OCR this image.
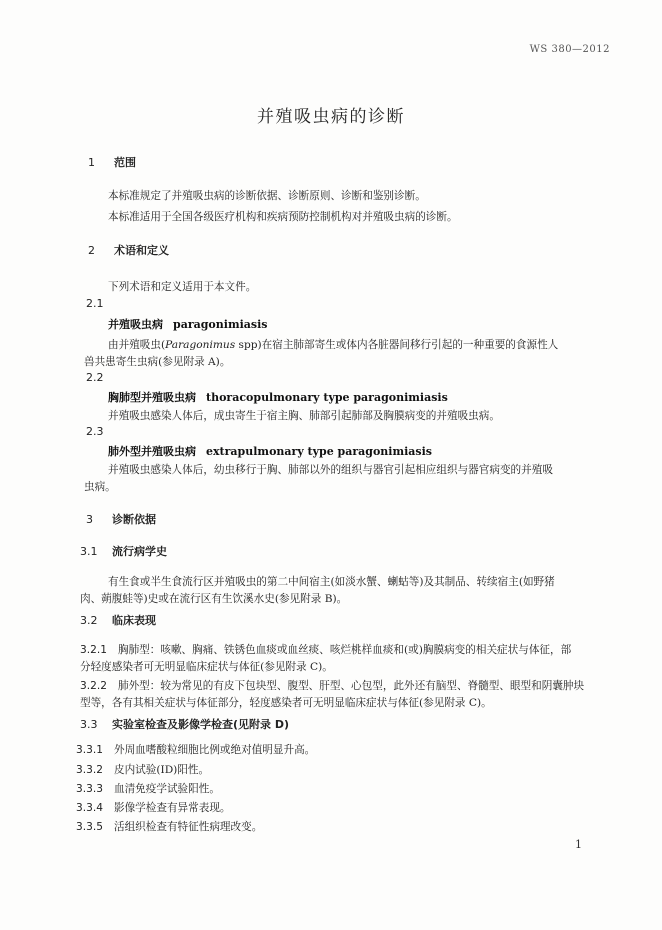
WS 380—2012
并殖吸虫病的诊断
1 范围
本标准规定了并殖吸虫病的诊断依据、诊断原则、诊断和鉴别诊断。
本标准适用于全国各级医疗机构和疾病预防控制机构对并殖吸虫病的诊断。
2 术语和定义
下列术语和定义适用于本文件。
2.1
并殖吸虫病 paragonimiasis
由并殖吸虫(Paragonimus spp)在宿主肺部寄生或体内各脏器间移行引起的一种重要的食源性人
兽共患寄生虫病(参见附录 A)。
2.2
胸肺型并殖吸虫病 thoracopulmonary type paragonimiasis
并殖吸虫感染人体后，成虫寄生于宿主胸、肺部引起肺部及胸膜病变的并殖吸虫病。
2.3
肺外型并殖吸虫病 extrapulmonary type paragonimiasis
并殖吸虫感染人体后，幼虫移行于胸、肺部以外的组织与器官引起相应组织与器官病变的并殖吸
虫病。
3 诊断依据
3.1 流行病学史
有生食或半生食流行区并殖吸虫的第二中间宿主(如淡水蟹、蝲蛄等)及其制品、转续宿主(如野猪
肉、蒴腹蛙等)史或在流行区有生饮溪水史(参见附录 B)。
3.2 临床表现
3.2.1 胸肺型：咳嗽、胸痛、铁锈色血痰或血丝痰、咳烂桃样血痰和(或)胸膜病变的相关症状与体征，部
分轻度感染者可无明显临床症状与体征(参见附录 C)。
3.2.2 肺外型：较为常见的有皮下包块型、腹型、肝型、心包型，此外还有脑型、脊髓型、眼型和阴囊肿块
型等，各有其相关症状与体征部分，轻度感染者可无明显临床症状与体征(参见附录 C)。
3.3 实验室检查及影像学检查(见附录 D)
3.3.1 外周血嗜酸粒细胞比例或绝对值明显升高。
3.3.2 皮内试验(ID)阳性。
3.3.3 血清免疫学试验阳性。
3.3.4 影像学检查有异常表现。
3.3.5 活组织检查有特征性病理改变。
1
